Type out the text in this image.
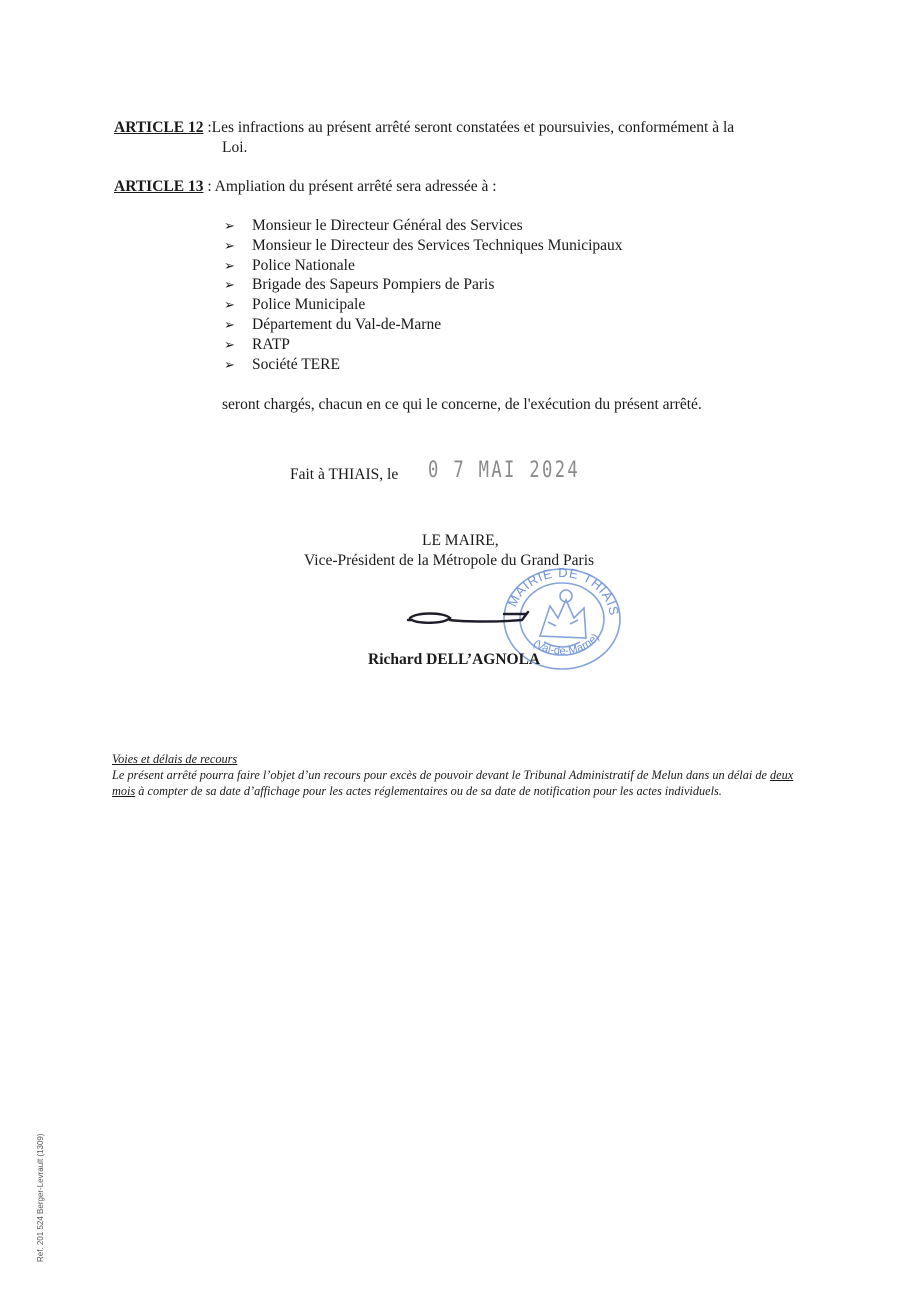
ARTICLE 12 :Les infractions au présent arrêté seront constatées et poursuivies, conformément à la
Loi.
ARTICLE 13 : Ampliation du présent arrêté sera adressée à :
➢ Monsieur le Directeur Général des Services
➢ Monsieur le Directeur des Services Techniques Municipaux
➢ Police Nationale
➢ Brigade des Sapeurs Pompiers de Paris
➢ Police Municipale
➢ Département du Val-de-Marne
➢ RATP
➢ Société TERE
seront chargés, chacun en ce qui le concerne, de l'exécution du présent arrêté.
Fait à THIAIS, le 0 7 MAI 2024
LE MAIRE,
Vice-Président de la Métropole du Grand Paris
MAIRIE DE THIAIS
(Val-de-Marne)
Richard DELL’AGNOLA
Voies et délais de recours
Le présent arrêté pourra faire l’objet d’un recours pour excès de pouvoir devant le Tribunal Administratif de Melun dans un délai de deux mois à compter de sa date d’affichage pour les actes réglementaires ou de sa date de notification pour les actes individuels.
Ref. 201 524 Berger-Levrault (1309)
